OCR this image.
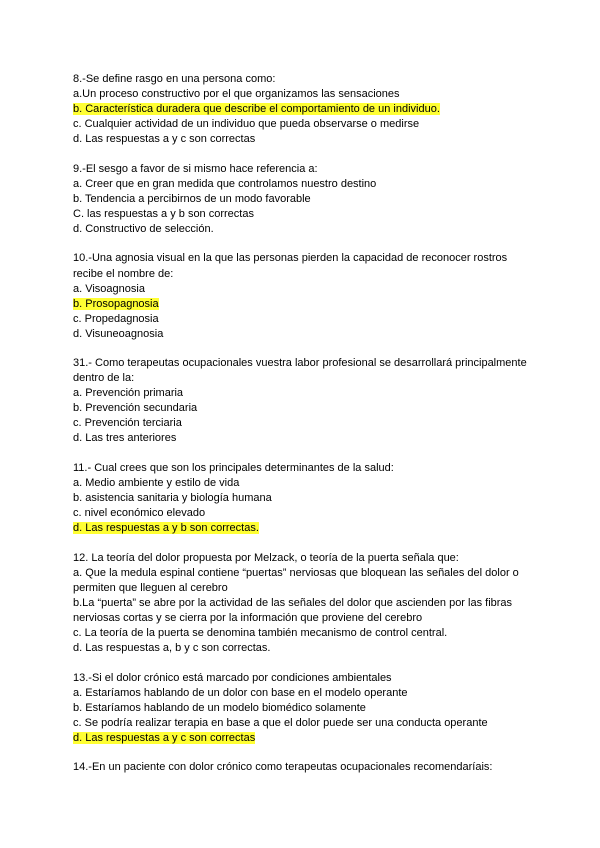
8.-Se define rasgo en una persona como:
a.Un proceso constructivo por el que organizamos las sensaciones
b. Característica duradera que describe el comportamiento de un individuo.
c. Cualquier actividad de un individuo que pueda observarse o medirse
d. Las respuestas a y c son correctas
9.-El sesgo a favor de si mismo hace referencia a:
a. Creer que en gran medida que controlamos nuestro destino
b. Tendencia a percibirnos de un modo favorable
C. las respuestas a y b son correctas
d. Constructivo de selección.
10.-Una agnosia visual en la que las personas pierden la capacidad de reconocer rostros recibe el nombre de:
a. Visoagnosia
b. Prosopagnosia
c. Propedagnosia
d. Visuneoagnosia
31.- Como terapeutas ocupacionales vuestra labor profesional se desarrollará principalmente dentro de la:
a. Prevención primaria
b. Prevención secundaria
c. Prevención terciaria
d. Las tres anteriores
11.- Cual crees que son los principales determinantes de la salud:
a. Medio ambiente y estilo de vida
b. asistencia sanitaria y biología humana
c. nivel económico elevado
d. Las respuestas a y b son correctas.
12. La teoría del dolor propuesta por Melzack, o teoría de la puerta señala que:
a. Que la medula espinal contiene “puertas” nerviosas que bloquean las señales del dolor o permiten que lleguen al cerebro
b.La “puerta” se abre por la actividad de las señales del dolor que ascienden por las fibras nerviosas cortas y se cierra por la información que proviene del cerebro
c. La teoría de la puerta se denomina también mecanismo de control central.
d. Las respuestas a, b y c son correctas.
13.-Si el dolor crónico está marcado por condiciones ambientales
a. Estaríamos hablando de un dolor con base en el modelo operante
b. Estaríamos hablando de un modelo biomédico solamente
c. Se podría realizar terapia en base a que el dolor puede ser una conducta operante
d. Las respuestas a y c son correctas
14.-En un paciente con dolor crónico como terapeutas ocupacionales recomendaríais:
